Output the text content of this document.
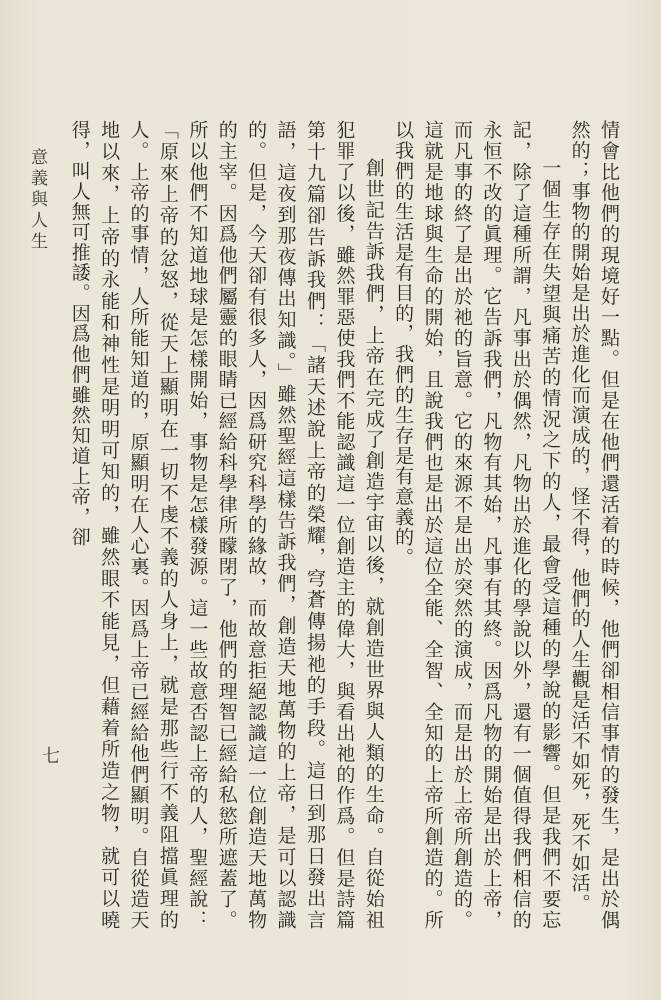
情會比他們的現境好一點。但是在他們還活着的時候，他們卻相信事情的發生，是出於偶然的；事物的開始是出於進化而演成的，怪不得，他們的人生觀是活不如死，死不如活。

一個生存在失望與痛苦的情況之下的人，最會受這種的學說的影響。但是我們不要忘記，除了這種所謂，凡事出於偶然，凡物出於進化的學說以外，還有一個值得我們相信的永恒不改的眞理。它告訴我們，凡物有其始，凡事有其終。因爲凡物的開始是出於上帝，而凡事的終了是出於祂的旨意。它的來源不是出於突然的演成，而是出於上帝所創造的。這就是地球與生命的開始，且說我們也是出於這位全能、全智、全知的上帝所創造的。所以我們的生活是有目的，我們的生存是有意義的。

創世記告訴我們，上帝在完成了創造宇宙以後，就創造世界與人類的生命。自從始祖犯罪了以後，雖然罪惡使我們不能認識這一位創造主的偉大，與看出祂的作爲。但是詩篇第十九篇卻告訴我們：「諸天述說上帝的榮耀，穹蒼傳揚祂的手段。這日到那日發出言語，這夜到那夜傳出知識。」雖然聖經這樣告訴我們，創造天地萬物的上帝，是可以認識的。但是，今天卻有很多人，因爲研究科學的緣故，而故意拒絕認識這一位創造天地萬物的主宰。因爲他們屬靈的眼睛已經給科學律所矇閉了，他們的理智已經給私慾所遮蓋了。所以他們不知道地球是怎樣開始，事物是怎樣發源。這一些故意否認上帝的人，聖經說：「原來上帝的忿怒，從天上顯明在一切不虔不義的人身上，就是那些行不義阻擋眞理的人。上帝的事情，人所能知道的，原顯明在人心裏。因爲上帝已經給他們顯明。自從造天地以來，上帝的永能和神性是明明可知的，雖然眼不能見，但藉着所造之物，就可以曉得，叫人無可推諉。因爲他們雖然知道上帝，卻

意義與人生
七
